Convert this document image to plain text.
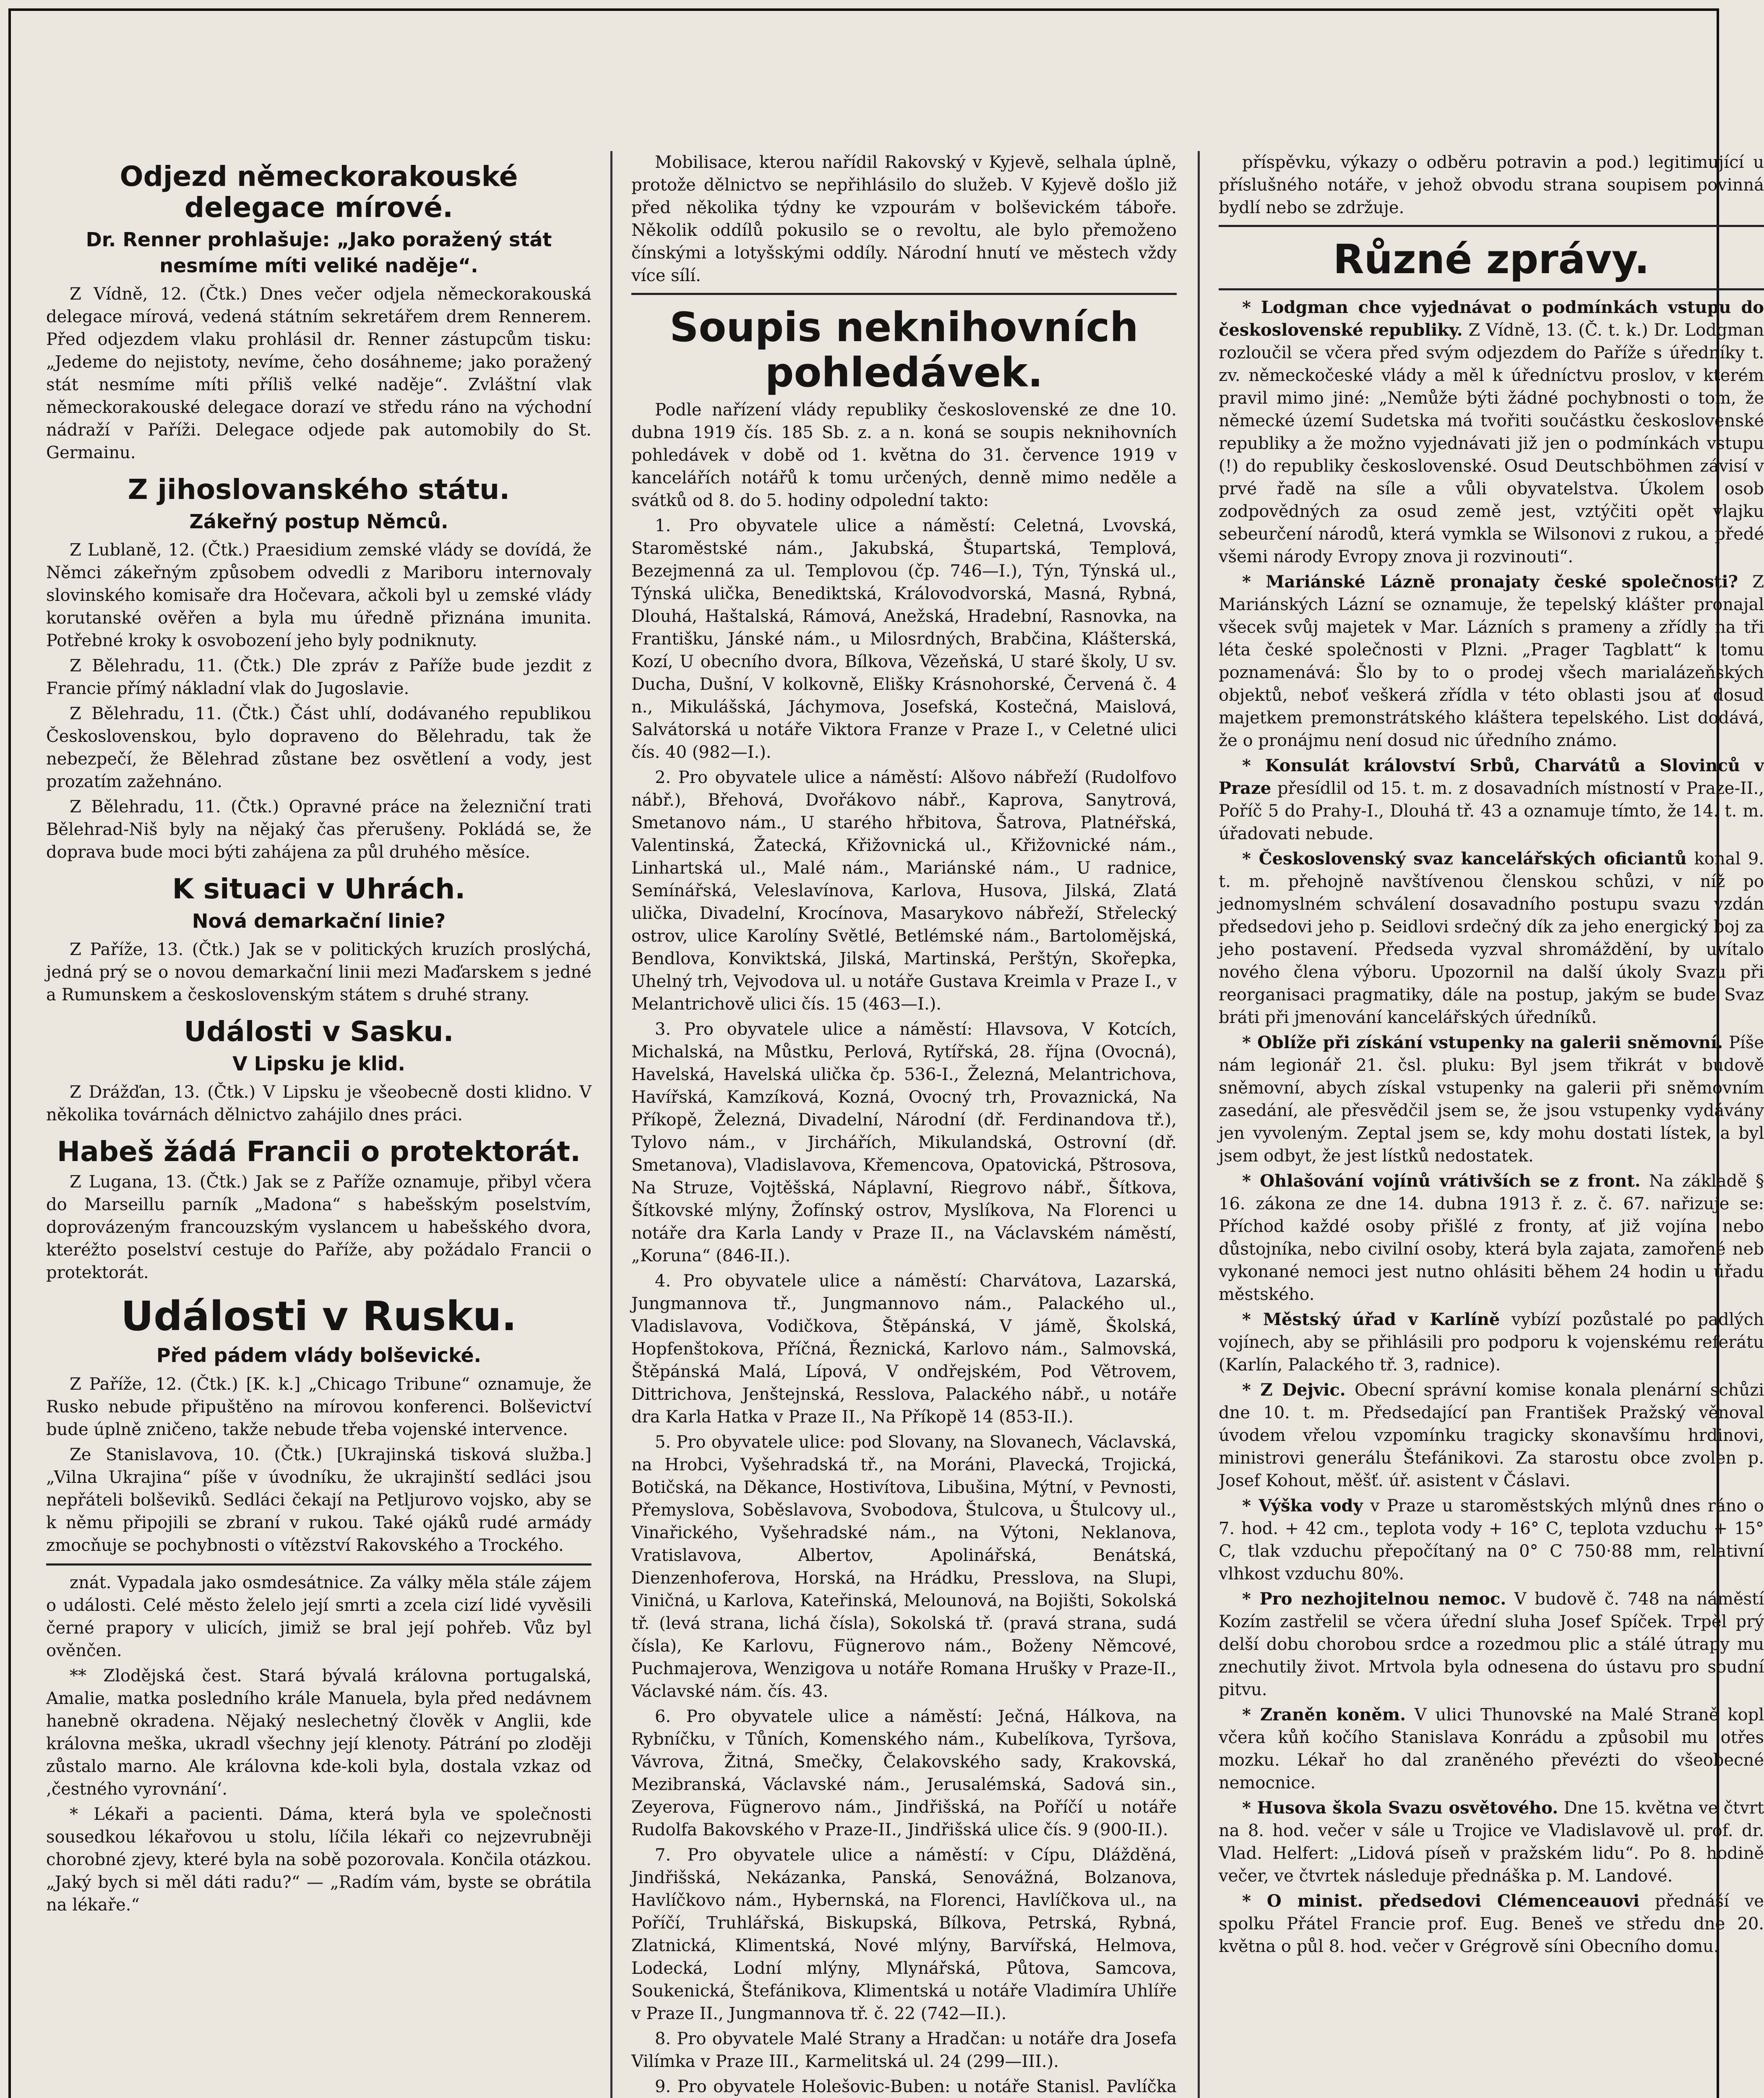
Odjezd německorakouské delegace mírové.
Dr. Renner prohlašuje: „Jako poražený stát nesmíme míti veliké naděje“.

Z Vídně, 12. (Čtk.) Dnes večer odjela německorakouská delegace mírová, vedená státním sekretářem drem Rennerem. Před odjezdem vlaku prohlásil dr. Renner zástupcům tisku: „Jedeme do nejistoty, nevíme, čeho dosáhneme; jako poražený stát nesmíme míti příliš velké naděje“. Zvláštní vlak německorakouské delegace dorazí ve středu ráno na východní nádraží v Paříži. Delegace odjede pak automobily do St. Germainu.

Z jihoslovanského státu.
Zákeřný postup Němců.

Z Lublaně, 12. (Čtk.) Praesidium zemské vlády se dovídá, že Němci zákeřným způsobem odvedli z Mariboru internovaly slovinského komisaře dra Hočevara, ačkoli byl u zemské vlády korutanské ověřen a byla mu úředně přiznána imunita. Potřebné kroky k osvobození jeho byly podniknuty.

Z Bělehradu, 11. (Čtk.) Dle zpráv z Paříže bude jezdit z Francie přímý nákladní vlak do Jugoslavie.

Z Bělehradu, 11. (Čtk.) Část uhlí, dodávaného republikou Československou, bylo dopraveno do Bělehradu, tak že nebezpečí, že Bělehrad zůstane bez osvětlení a vody, jest prozatím zažehnáno.

Z Bělehradu, 11. (Čtk.) Opravné práce na železniční trati Bělehrad-Niš byly na nějaký čas přerušeny. Pokládá se, že doprava bude moci býti zahájena za půl druhého měsíce.

K situaci v Uhrách.
Nová demarkační linie?

Z Paříže, 13. (Čtk.) Jak se v politických kruzích proslýchá, jedná prý se o novou demarkační linii mezi Maďarskem s jedné a Rumunskem a československým státem s druhé strany.

Události v Sasku.
V Lipsku je klid.

Z Drážďan, 13. (Čtk.) V Lipsku je všeobecně dosti klidno. V několika továrnách dělnictvo zahájilo dnes práci.

Habeš žádá Francii o protektorát.

Z Lugana, 13. (Čtk.) Jak se z Paříže oznamuje, přibyl včera do Marseillu parník „Madona“ s habešským poselstvím, doprovázeným francouzským vyslancem u habešského dvora, kteréžto poselství cestuje do Paříže, aby požádalo Francii o protektorát.

Události v Rusku.
Před pádem vlády bolševické.

Z Paříže, 12. (Čtk.) [K. k.] „Chicago Tribune“ oznamuje, že Rusko nebude připuštěno na mírovou konferenci. Bolševictví bude úplně zničeno, takže nebude třeba vojenské intervence.

Ze Stanislavova, 10. (Čtk.) [Ukrajinská tisková služba.] „Vilna Ukrajina“ píše v úvodníku, že ukrajinští sedláci jsou nepřáteli bolševiků. Sedláci čekají na Petljurovo vojsko, aby se k němu připojili se zbraní v rukou. Také ojáků rudé armády zmocňuje se pochybnosti o vítězství Rakovského a Trockého.

znát. Vypadala jako osmdesátnice. Za války měla stále zájem o události. Celé město želelo její smrti a zcela cizí lidé vyvěsili černé prapory v ulicích, jimiž se bral její pohřeb. Vůz byl ověnčen.

** Zlodějská čest. Stará bývalá královna portugalská, Amalie, matka posledního krále Manuela, byla před nedávnem hanebně okradena. Nějaký neslechetný člověk v Anglii, kde královna meška, ukradl všechny její klenoty. Pátrání po zloději zůstalo marno. Ale královna kde-koli byla, dostala vzkaz od ‚čestného vyrovnání‘.

* Lékaři a pacienti. Dáma, která byla ve společnosti sousedkou lékařovou u stolu, líčila lékaři co nejzevrubněji chorobné zjevy, které byla na sobě pozorovala. Končila otázkou. „Jaký bych si měl dáti radu?“ — „Radím vám, byste se obrátila na lékaře.“

Mobilisace, kterou nařídil Rakovský v Kyjevě, selhala úplně, protože dělnictvo se nepřihlásilo do služeb. V Kyjevě došlo již před několika týdny ke vzpourám v bolševickém táboře. Několik oddílů pokusilo se o revoltu, ale bylo přemoženo čínskými a lotyšskými oddíly. Národní hnutí ve městech vždy více sílí.

Soupis neknihovních pohledávek.

Podle nařízení vlády republiky československé ze dne 10. dubna 1919 čís. 185 Sb. z. a n. koná se soupis neknihovních pohledávek v době od 1. května do 31. července 1919 v kancelářích notářů k tomu určených, denně mimo neděle a svátků od 8. do 5. hodiny odpolední takto:

1. Pro obyvatele ulice a náměstí: Celetná, Lvovská, Staroměstské nám., Jakubská, Štupartská, Templová, Bezejmenná za ul. Templovou (čp. 746—I.), Týn, Týnská ul., Týnská ulička, Benediktská, Královodvorská, Masná, Rybná, Dlouhá, Haštalská, Rámová, Anežská, Hradební, Rasnovka, na Františku, Jánské nám., u Milosrdných, Brabčina, Klášterská, Kozí, U obecního dvora, Bílkova, Vězeňská, U staré školy, U sv. Ducha, Dušní, V kolkovně, Elišky Krásnohorské, Červená č. 4 n., Mikulášská, Jáchymova, Josefská, Kostečná, Maislová, Salvátorská u notáře Viktora Franze v Praze I., v Celetné ulici čís. 40 (982—I.).

2. Pro obyvatele ulice a náměstí: Alšovo nábřeží (Rudolfovo nábř.), Břehová, Dvořákovo nábř., Kaprova, Sanytrová, Smetanovo nám., U starého hřbitova, Šatrova, Platnéřská, Valentinská, Žatecká, Křižovnická ul., Křižovnické nám., Linhartská ul., Malé nám., Mariánské nám., U radnice, Semínářská, Veleslavínova, Karlova, Husova, Jilská, Zlatá ulička, Divadelní, Krocínova, Masarykovo nábřeží, Střelecký ostrov, ulice Karolíny Světlé, Betlémské nám., Bartolomějská, Bendlova, Konviktská, Jilská, Martinská, Perštýn, Skořepka, Uhelný trh, Vejvodova ul. u notáře Gustava Kreimla v Praze I., v Melantrichově ulici čís. 15 (463—I.).

3. Pro obyvatele ulice a náměstí: Hlavsova, V Kotcích, Michalská, na Můstku, Perlová, Rytířská, 28. října (Ovocná), Havelská, Havelská ulička čp. 536-I., Železná, Melantrichova, Havířská, Kamzíková, Kozná, Ovocný trh, Provaznická, Na Příkopě, Železná, Divadelní, Národní (dř. Ferdinandova tř.), Tylovo nám., v Jirchářích, Mikulandská, Ostrovní (dř. Smetanova), Vladislavova, Křemencova, Opatovická, Pštrosova, Na Struze, Vojtěšská, Náplavní, Riegrovo nábř., Šítkova, Šítkovské mlýny, Žofínský ostrov, Myslíkova, Na Florenci u notáře dra Karla Landy v Praze II., na Václavském náměstí, „Koruna“ (846-II.).

4. Pro obyvatele ulice a náměstí: Charvátova, Lazarská, Jungmannova tř., Jungmannovo nám., Palackého ul., Vladislavova, Vodičkova, Štěpánská, V jámě, Školská, Hopfenštokova, Příčná, Řeznická, Karlovo nám., Salmovská, Štěpánská Malá, Lípová, V ondřejském, Pod Větrovem, Dittrichova, Jenštejnská, Resslova, Palackého nábř., u notáře dra Karla Hatka v Praze II., Na Příkopě 14 (853-II.).

5. Pro obyvatele ulice: pod Slovany, na Slovanech, Václavská, na Hrobci, Vyšehradská tř., na Moráni, Plavecká, Trojická, Botičská, na Děkance, Hostivítova, Libušina, Mýtní, v Pevnosti, Přemyslova, Soběslavova, Svobodova, Štulcova, u Štulcovy ul., Vinařického, Vyšehradské nám., na Výtoni, Neklanova, Vratislavova, Albertov, Apolinářská, Benátská, Dienzenhoferova, Horská, na Hrádku, Presslova, na Slupi, Viničná, u Karlova, Kateřinská, Melounová, na Bojišti, Sokolská tř. (levá strana, lichá čísla), Sokolská tř. (pravá strana, sudá čísla), Ke Karlovu, Fügnerovo nám., Boženy Němcové, Puchmajerova, Wenzigova u notáře Romana Hrušky v Praze-II., Václavské nám. čís. 43.

6. Pro obyvatele ulice a náměstí: Ječná, Hálkova, na Rybníčku, v Tůních, Komenského nám., Kubelíkova, Tyršova, Vávrova, Žitná, Smečky, Čelakovského sady, Krakovská, Mezibranská, Václavské nám., Jerusalémská, Sadová sin., Zeyerova, Fügnerovo nám., Jindřišská, na Poříčí u notáře Rudolfa Bakovského v Praze-II., Jindřišská ulice čís. 9 (900-II.).

7. Pro obyvatele ulice a náměstí: v Cípu, Dlážděná, Jindřišská, Nekázanka, Panská, Senovážná, Bolzanova, Havlíčkovo nám., Hybernská, na Florenci, Havlíčkova ul., na Poříčí, Truhlářská, Biskupská, Bílkova, Petrská, Rybná, Zlatnická, Klimentská, Nové mlýny, Barvířská, Helmova, Lodecká, Lodní mlýny, Mlynářská, Půtova, Samcova, Soukenická, Štefánikova, Klimentská u notáře Vladimíra Uhlíře v Praze II., Jungmannova tř. č. 22 (742—II.).

8. Pro obyvatele Malé Strany a Hradčan: u notáře dra Josefa Vilímka v Praze III., Karmelitská ul. 24 (299—III.).

9. Pro obyvatele Holešovic-Buben: u notáře Stanisl. Pavlíčka

příspěvku, výkazy o odběru potravin a pod.) legitimující u příslušného notáře, v jehož obvodu strana soupisem povinná bydlí nebo se zdržuje.

Různé zprávy.

* Lodgman chce vyjednávat o podmínkách vstupu do československé republiky. Z Vídně, 13. (Č. t. k.) Dr. Lodgman rozloučil se včera před svým odjezdem do Paříže s úředníky t. zv. německočeské vlády a měl k úředníctvu proslov, v kterém pravil mimo jiné: „Nemůže býti žádné pochybnosti o tom, že německé území Sudetska má tvořiti součástku československé republiky a že možno vyjednávati již jen o podmínkách vstupu (!) do republiky československé. Osud Deutschböhmen závisí v prvé řadě na síle a vůli obyvatelstva. Úkolem osob zodpovědných za osud země jest, vztýčiti opět vlajku sebeurčení národů, která vymkla se Wilsonovi z rukou, a předé všemi národy Evropy znova ji rozvinouti“.

* Mariánské Lázně pronajaty české společnosti? Z Mariánských Lázní se oznamuje, že tepelský klášter pronajal všecek svůj majetek v Mar. Lázních s prameny a zřídly na tři léta české společnosti v Plzni. „Prager Tagblatt“ k tomu poznamenává: Šlo by to o prodej všech marialázeňských objektů, neboť veškerá zřídla v této oblasti jsou ať dosud majetkem premonstrátského kláštera tepelského. List dodává, že o pronájmu není dosud nic úředního známo.

* Konsulát království Srbů, Charvátů a Slovinců v Praze přesídlil od 15. t. m. z dosavadních místností v Praze-II., Poříč 5 do Prahy-I., Dlouhá tř. 43 a oznamuje tímto, že 14. t. m. úřadovati nebude.

* Československý svaz kancelářských oficiantů konal 9. t. m. přehojně navštívenou členskou schůzi, v níž po jednomyslném schválení dosavadního postupu svazu vzdán předsedovi jeho p. Seidlovi srdečný dík za jeho energický boj za jeho postavení. Předseda vyzval shromáždění, by uvítalo nového člena výboru. Upozornil na další úkoly Svazu při reorganisaci pragmatiky, dále na postup, jakým se bude Svaz bráti při jmenování kancelářských úředníků.

* Oblíže při získání vstupenky na galerii sněmovní. Píše nám legionář 21. čsl. pluku: Byl jsem třikrát v budově sněmovní, abych získal vstupenky na galerii při sněmovním zasedání, ale přesvědčil jsem se, že jsou vstupenky vydávány jen vyvoleným. Zeptal jsem se, kdy mohu dostati lístek, a byl jsem odbyt, že jest lístků nedostatek.

* Ohlašování vojínů vrátivších se z front. Na základě § 16. zákona ze dne 14. dubna 1913 ř. z. č. 67. nařizuje se: Příchod každé osoby přišlé z fronty, ať již vojína nebo důstojníka, nebo civilní osoby, která byla zajata, zamořené neb vykonané nemoci jest nutno ohlásiti během 24 hodin u úřadu městského.

* Městský úřad v Karlíně vybízí pozůstalé po padlých vojínech, aby se přihlásili pro podporu k vojenskému referátu (Karlín, Palackého tř. 3, radnice).

* Z Dejvic. Obecní správní komise konala plenární schůzi dne 10. t. m. Předsedající pan František Pražský věnoval úvodem vřelou vzpomínku tragicky skonavšímu hrdinovi, ministrovi generálu Štefánikovi. Za starostu obce zvolen p. Josef Kohout, měšť. úř. asistent v Čáslavi.

* Výška vody v Praze u staroměstských mlýnů dnes ráno o 7. hod. + 42 cm., teplota vody + 16° C, teplota vzduchu + 15° C, tlak vzduchu přepočítaný na 0° C 750·88 mm, relativní vlhkost vzduchu 80%.

* Pro nezhojitelnou nemoc. V budově č. 748 na náměstí Kozím zastřelil se včera úřední sluha Josef Spíček. Trpěl prý delší dobu chorobou srdce a rozedmou plic a stálé útrapy mu znechutily život. Mrtvola byla odnesena do ústavu pro soudní pitvu.

* Zraněn koněm. V ulici Thunovské na Malé Straně kopl včera kůň kočího Stanislava Konrádu a způsobil mu otřes mozku. Lékař ho dal zraněného převézti do všeobecné nemocnice.

* Husova škola Svazu osvětového. Dne 15. května ve čtvrt na 8. hod. večer v sále u Trojice ve Vladislavově ul. prof. dr. Vlad. Helfert: „Lidová píseň v pražském lidu“. Po 8. hodině večer, ve čtvrtek následuje přednáška p. M. Landové.

* O minist. předsedovi Clémenceauovi přednáší ve spolku Přátel Francie prof. Eug. Beneš ve středu dne 20. května o půl 8. hod. večer v Grégrově síni Obecního domu.
